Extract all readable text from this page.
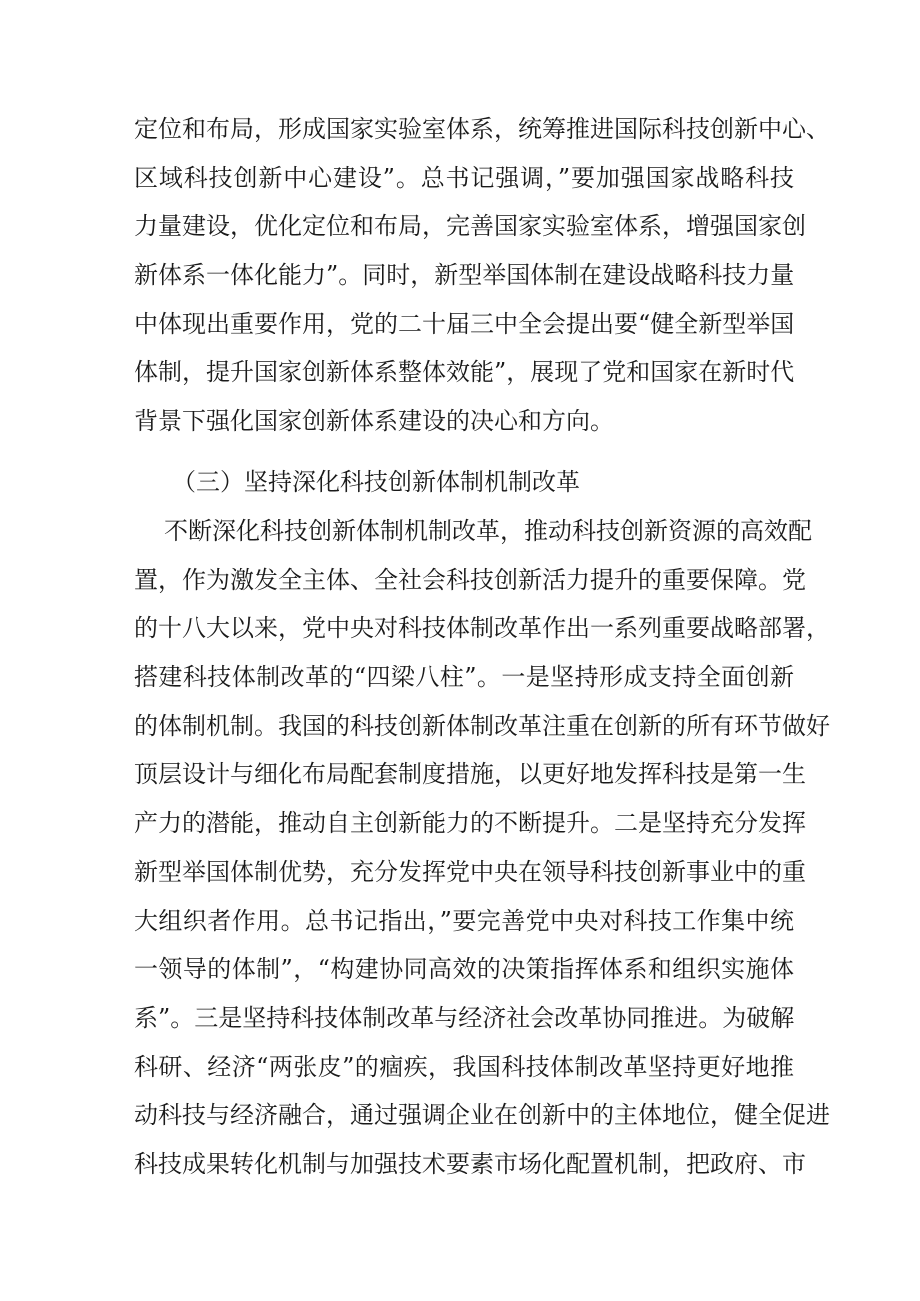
定位和布局，形成国家实验室体系，统筹推进国际科技创新中心、
区域科技创新中心建设”。总书记强调，”要加强国家战略科技
力量建设，优化定位和布局，完善国家实验室体系，增强国家创
新体系一体化能力”。同时，新型举国体制在建设战略科技力量
中体现出重要作用，党的二十届三中全会提出要“健全新型举国
体制，提升国家创新体系整体效能”，展现了党和国家在新时代
背景下强化国家创新体系建设的决心和方向。
（三）坚持深化科技创新体制机制改革
不断深化科技创新体制机制改革，推动科技创新资源的高效配
置，作为激发全主体、全社会科技创新活力提升的重要保障。党
的十八大以来，党中央对科技体制改革作出一系列重要战略部署，
搭建科技体制改革的“四梁八柱”。一是坚持形成支持全面创新
的体制机制。我国的科技创新体制改革注重在创新的所有环节做好
顶层设计与细化布局配套制度措施，以更好地发挥科技是第一生
产力的潜能，推动自主创新能力的不断提升。二是坚持充分发挥
新型举国体制优势，充分发挥党中央在领导科技创新事业中的重
大组织者作用。总书记指出，”要完善党中央对科技工作集中统
一领导的体制”，“构建协同高效的决策指挥体系和组织实施体
系”。三是坚持科技体制改革与经济社会改革协同推进。为破解
科研、经济“两张皮”的痼疾，我国科技体制改革坚持更好地推
动科技与经济融合，通过强调企业在创新中的主体地位，健全促进
科技成果转化机制与加强技术要素市场化配置机制，把政府、市
